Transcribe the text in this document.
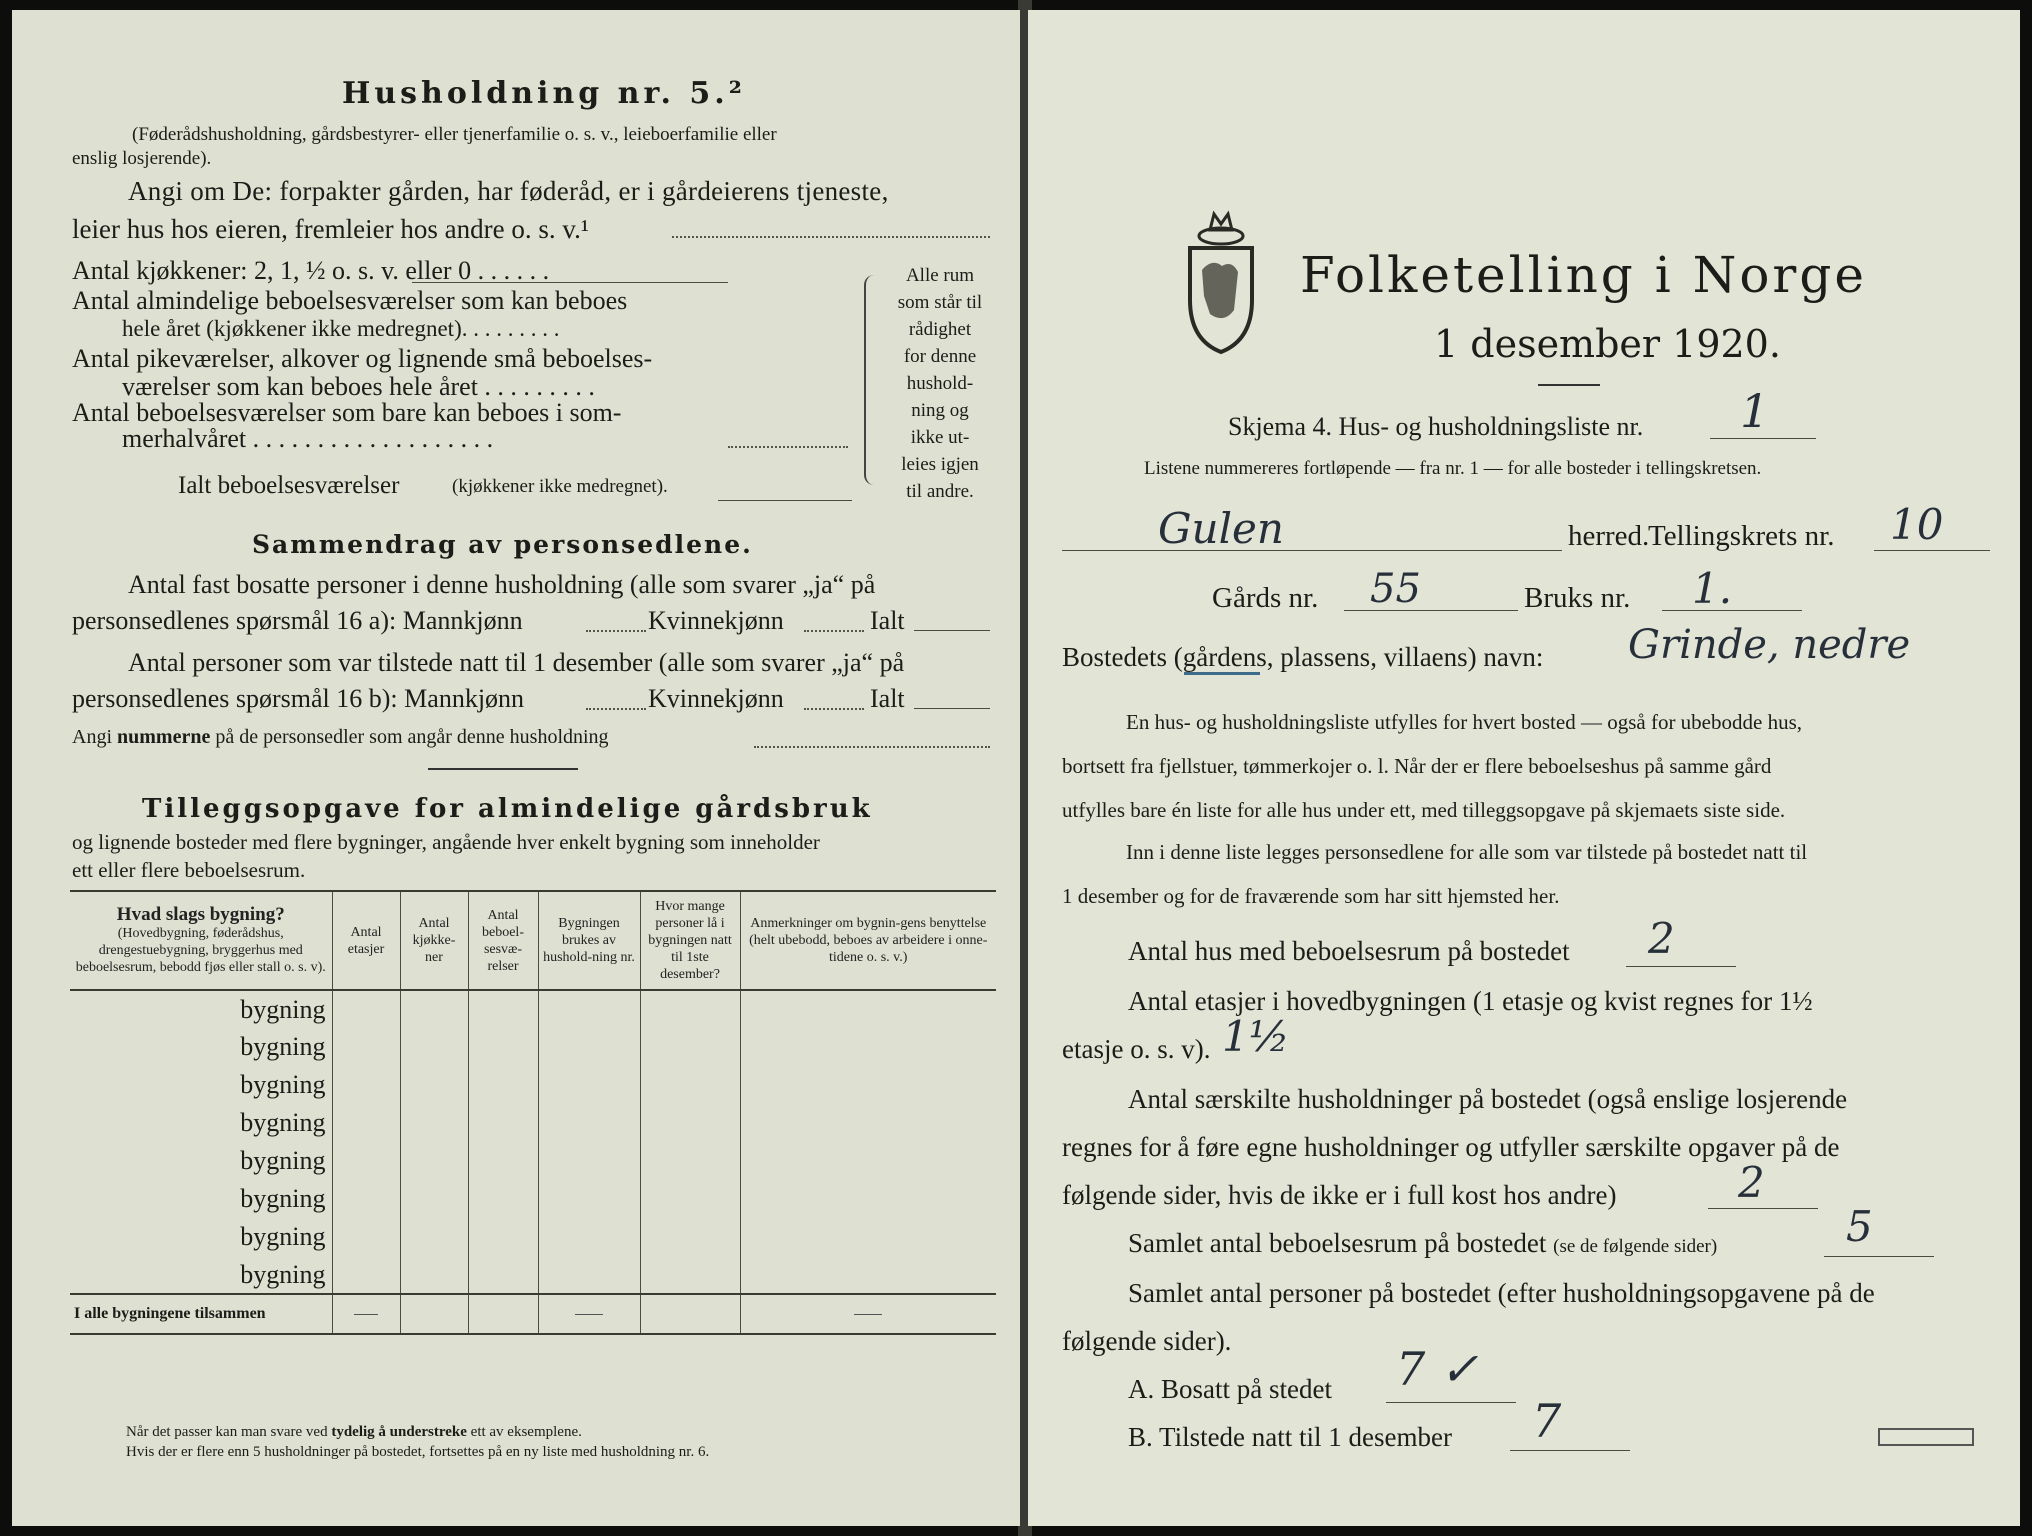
Husholdning nr. 5.²
(Føderådshusholdning, gårdsbestyrer- eller tjenerfamilie o. s. v., leieboerfamilie eller
enslig losjerende).
Angi om De: forpakter gården, har føderåd, er i gårdeierens tjeneste,
leier hus hos eieren, fremleier hos andre o. s. v.¹
Antal kjøkkener: 2, 1, ½ o. s. v. eller 0 . . . . . .
Antal almindelige beboelsesværelser som kan beboes
hele året (kjøkkener ikke medregnet). . . . . . . . .
Antal pikeværelser, alkover og lignende små beboelses-
værelser som kan beboes hele året . . . . . . . . .
Antal beboelsesværelser som bare kan beboes i som-
merhalvåret . . . . . . . . . . . . . . . . . . .
Ialt beboelsesværelser	(kjøkkener ikke medregnet).
Alle rum
som står til
rådighet
for denne
hushold-
ning og
ikke ut-
leies igjen
til andre.
Sammendrag av personsedlene.
Antal fast bosatte personer i denne husholdning (alle som svarer „ja“ på
personsedlenes spørsmål 16 a): Mannkjønn	Kvinnekjønn	Ialt
Antal personer som var tilstede natt til 1 desember (alle som svarer „ja“ på
personsedlenes spørsmål 16 b): Mannkjønn	Kvinnekjønn	Ialt
Angi nummerne på de personsedler som angår denne husholdning
Tilleggsopgave for almindelige gårdsbruk
og lignende bosteder med flere bygninger, angående hver enkelt bygning som inneholder
ett eller flere beboelsesrum.
Hvad slags bygning?
(Hovedbygning, føderådshus, drengestuebygning, bryggerhus med beboelsesrum, bebodd fjøs eller stall o. s. v).	Antal etasjer	Antal kjøkke-ner	Antal beboel-sesvæ-relser	Bygningen brukes av hushold-ning nr.	Hvor mange personer lå i bygningen natt til 1ste desember?	Anmerkninger om bygnin-gens benyttelse (helt ubebodd, beboes av arbeidere i onne-tidene o. s. v.)
bygning						
bygning						
bygning						
bygning						
bygning						
bygning						
bygning						
bygning						
I alle bygningene tilsammen						
Når det passer kan man svare ved tydelig å understreke ett av eksemplene.
Hvis der er flere enn 5 husholdninger på bostedet, fortsettes på en ny liste med husholdning nr. 6.
Folketelling i Norge
1 desember 1920.
Skjema 4. Hus- og husholdningsliste nr. 1
Listene nummereres fortløpende — fra nr. 1 — for alle bosteder i tellingskretsen.
Gulen	herred.
Tellingskrets nr. 10
Gårds nr. 55	Bruks nr. 1.
Bostedets (gårdens, plassens, villaens) navn: Grinde, nedre
En hus- og husholdningsliste utfylles for hvert bosted — også for ubebodde hus,
bortsett fra fjellstuer, tømmerkojer o. l. Når der er flere beboelseshus på samme gård
utfylles bare én liste for alle hus under ett, med tilleggsopgave på skjemaets siste side.
Inn i denne liste legges personsedlene for alle som var tilstede på bostedet natt til
1 desember og for de fraværende som har sitt hjemsted her.
Antal hus med beboelsesrum på bostedet 2
Antal etasjer i hovedbygningen (1 etasje og kvist regnes for 1½
etasje o. s. v). 1½
Antal særskilte husholdninger på bostedet (også enslige losjerende
regnes for å føre egne husholdninger og utfyller særskilte opgaver på de
følgende sider, hvis de ikke er i full kost hos andre)	2
Samlet antal beboelsesrum på bostedet (se de følgende sider)	5
Samlet antal personer på bostedet (efter husholdningsopgavene på de
følgende sider).
A. Bosatt på stedet 7 ✓
B. Tilstede natt til 1 desember 7
